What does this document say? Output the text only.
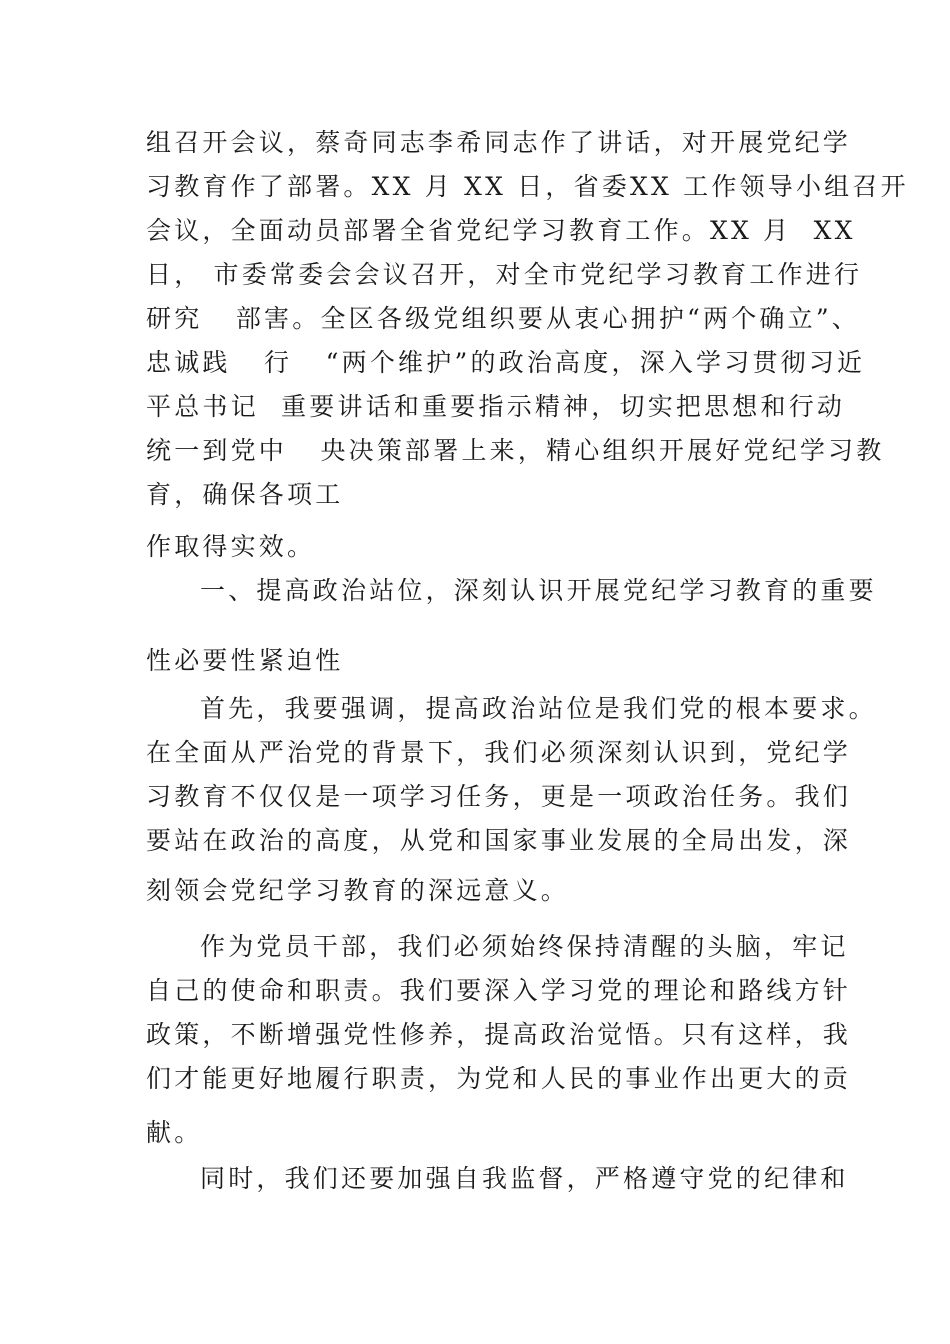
组召开会议，蔡奇同志李希同志作了讲话，对开展党纪学
习教育作了部署。XX 月 XX 日，省委XX 工作领导小组召开
会议，全面动员部署全省党纪学习教育工作。XX 月  XX
日， 市委常委会会议召开，对全市党纪学习教育工作进行
研究   部害。全区各级党组织要从衷心拥护“两个确立”、
忠诚践   行   “两个维护”的政治高度，深入学习贯彻习近
平总书记  重要讲话和重要指示精神，切实把思想和行动
统一到党中   央决策部署上来，精心组织开展好党纪学习教
育，确保各项工
作取得实效。
一、提高政治站位，深刻认识开展党纪学习教育的重要
性必要性紧迫性
首先，我要强调，提高政治站位是我们党的根本要求。
在全面从严治党的背景下，我们必须深刻认识到，党纪学
习教育不仅仅是一项学习任务，更是一项政治任务。我们
要站在政治的高度，从党和国家事业发展的全局出发，深
刻领会党纪学习教育的深远意义。
作为党员干部，我们必须始终保持清醒的头脑，牢记
自己的使命和职责。我们要深入学习党的理论和路线方针
政策，不断增强党性修养，提高政治觉悟。只有这样，我
们才能更好地履行职责，为党和人民的事业作出更大的贡
献。
同时，我们还要加强自我监督，严格遵守党的纪律和
